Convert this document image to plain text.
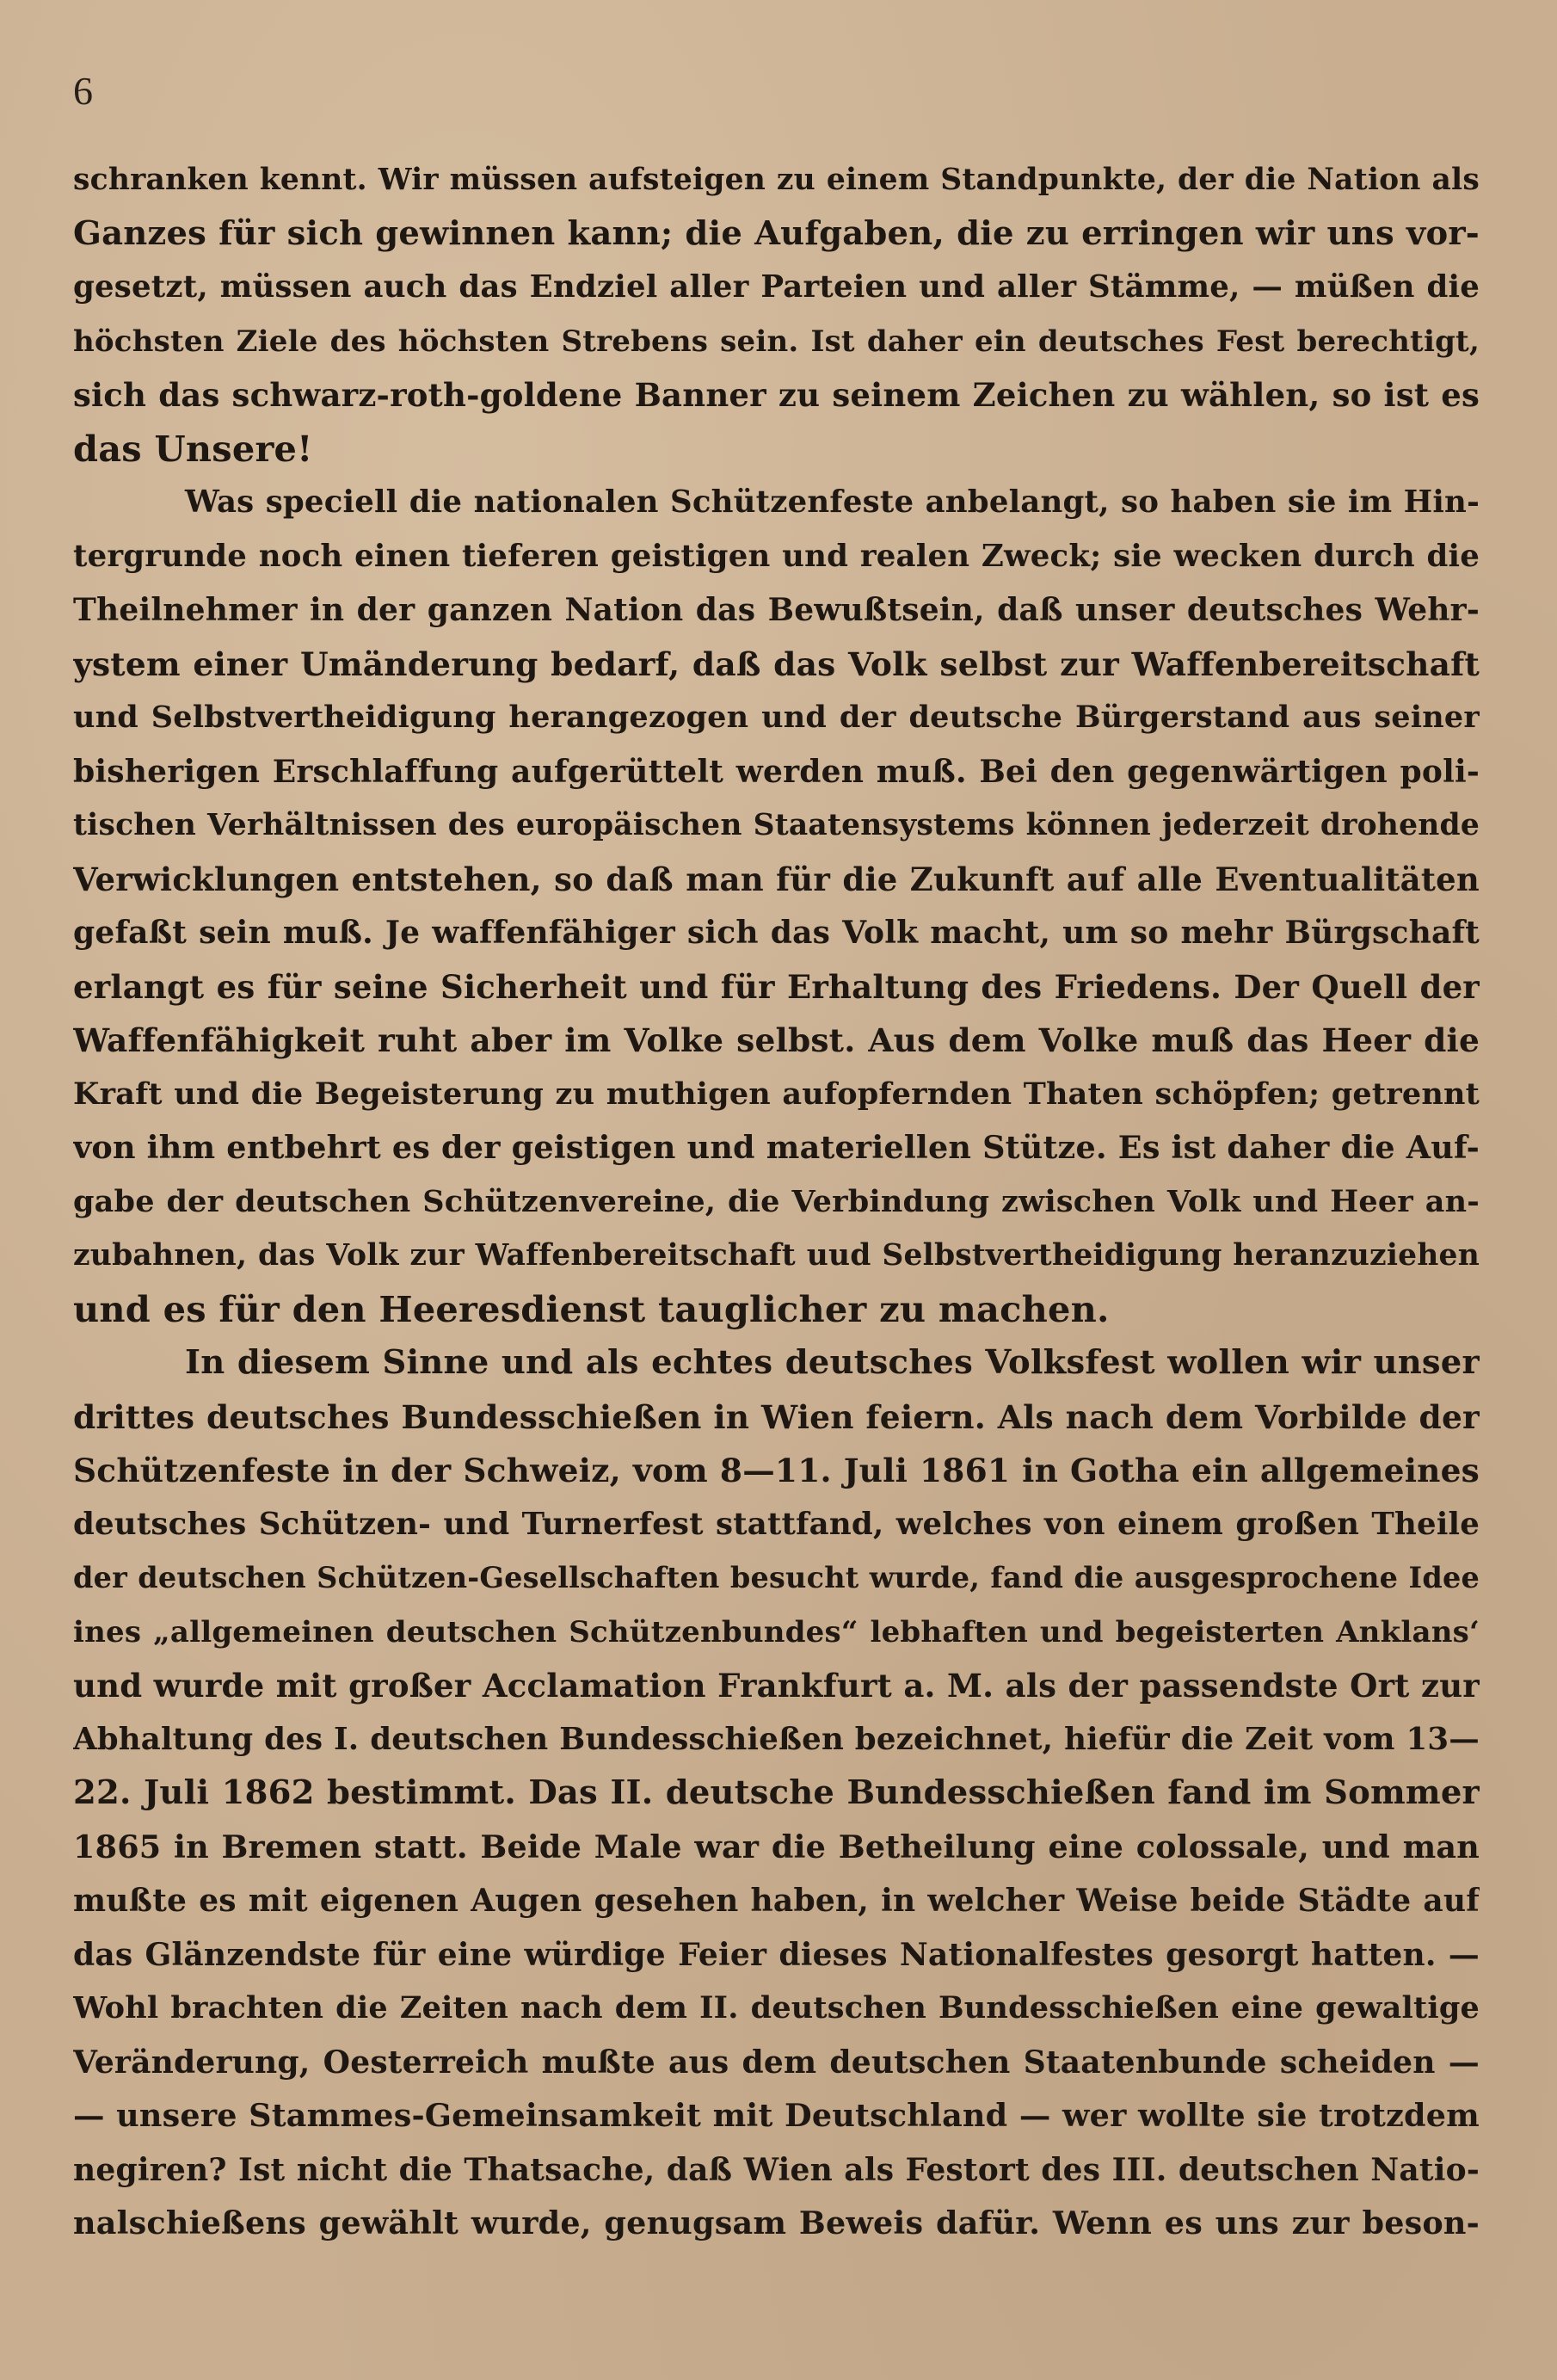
6
schranken kennt. Wir müssen aufsteigen zu einem Standpunkte, der die Nation als
Ganzes für sich gewinnen kann; die Aufgaben, die zu erringen wir uns vor-
gesetzt, müssen auch das Endziel aller Parteien und aller Stämme, — müßen die
höchsten Ziele des höchsten Strebens sein. Ist daher ein deutsches Fest berechtigt,
sich das schwarz-roth-goldene Banner zu seinem Zeichen zu wählen, so ist es
das Unsere!
Was speciell die nationalen Schützenfeste anbelangt, so haben sie im Hin-
tergrunde noch einen tieferen geistigen und realen Zweck; sie wecken durch die
Theilnehmer in der ganzen Nation das Bewußtsein, daß unser deutsches Wehr-
ystem einer Umänderung bedarf, daß das Volk selbst zur Waffenbereitschaft
und Selbstvertheidigung herangezogen und der deutsche Bürgerstand aus seiner
bisherigen Erschlaffung aufgerüttelt werden muß. Bei den gegenwärtigen poli-
tischen Verhältnissen des europäischen Staatensystems können jederzeit drohende
Verwicklungen entstehen, so daß man für die Zukunft auf alle Eventualitäten
gefaßt sein muß. Je waffenfähiger sich das Volk macht, um so mehr Bürgschaft
erlangt es für seine Sicherheit und für Erhaltung des Friedens. Der Quell der
Waffenfähigkeit ruht aber im Volke selbst. Aus dem Volke muß das Heer die
Kraft und die Begeisterung zu muthigen aufopfernden Thaten schöpfen; getrennt
von ihm entbehrt es der geistigen und materiellen Stütze. Es ist daher die Auf-
gabe der deutschen Schützenvereine, die Verbindung zwischen Volk und Heer an-
zubahnen, das Volk zur Waffenbereitschaft uud Selbstvertheidigung heranzuziehen
und es für den Heeresdienst tauglicher zu machen.
In diesem Sinne und als echtes deutsches Volksfest wollen wir unser
drittes deutsches Bundesschießen in Wien feiern. Als nach dem Vorbilde der
Schützenfeste in der Schweiz, vom 8—11. Juli 1861 in Gotha ein allgemeines
deutsches Schützen- und Turnerfest stattfand, welches von einem großen Theile
der deutschen Schützen-Gesellschaften besucht wurde, fand die ausgesprochene Idee
ines „allgemeinen deutschen Schützenbundes“ lebhaften und begeisterten Anklans‘
und wurde mit großer Acclamation Frankfurt a. M. als der passendste Ort zur
Abhaltung des I. deutschen Bundesschießen bezeichnet, hiefür die Zeit vom 13—
22. Juli 1862 bestimmt. Das II. deutsche Bundesschießen fand im Sommer
1865 in Bremen statt. Beide Male war die Betheilung eine colossale, und man
mußte es mit eigenen Augen gesehen haben, in welcher Weise beide Städte auf
das Glänzendste für eine würdige Feier dieses Nationalfestes gesorgt hatten. —
Wohl brachten die Zeiten nach dem II. deutschen Bundesschießen eine gewaltige
Veränderung, Oesterreich mußte aus dem deutschen Staatenbunde scheiden —
— unsere Stammes-Gemeinsamkeit mit Deutschland — wer wollte sie trotzdem
negiren? Ist nicht die Thatsache, daß Wien als Festort des III. deutschen Natio-
nalschießens gewählt wurde, genugsam Beweis dafür. Wenn es uns zur beson-
